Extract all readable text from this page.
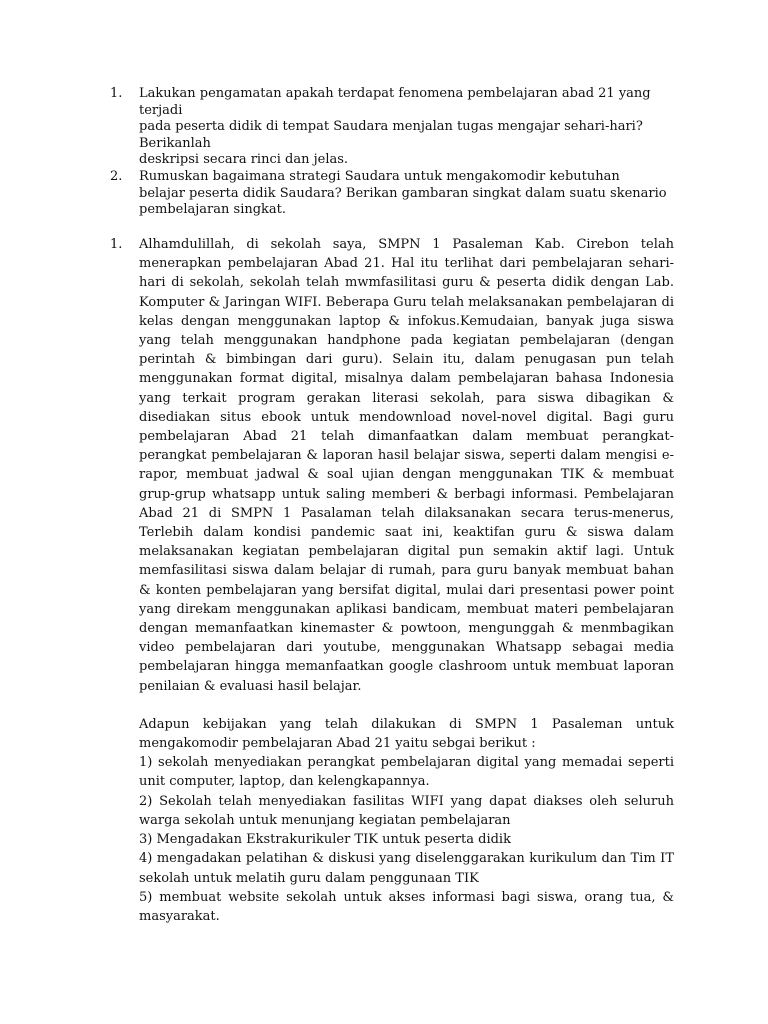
1.	Lakukan pengamatan apakah terdapat fenomena pembelajaran abad 21 yang terjadi
pada peserta didik di tempat Saudara menjalan tugas mengajar sehari-hari? Berikanlah
deskripsi secara rinci dan jelas.
2.	Rumuskan bagaimana strategi Saudara untuk mengakomodir kebutuhan
belajar peserta didik Saudara? Berikan gambaran singkat dalam suatu skenario
pembelajaran singkat.
1.	Alhamdulillah, di sekolah saya, SMPN 1 Pasaleman Kab. Cirebon telah menerapkan pembelajaran Abad 21. Hal itu terlihat dari pembelajaran sehari-hari di sekolah, sekolah telah mwmfasilitasi guru & peserta didik dengan Lab. Komputer & Jaringan WIFI. Beberapa Guru telah melaksanakan pembelajaran di kelas dengan menggunakan laptop & infokus.Kemudaian, banyak juga siswa yang telah menggunakan handphone pada kegiatan pembelajaran (dengan perintah & bimbingan dari guru). Selain itu, dalam penugasan pun telah menggunakan format digital, misalnya dalam pembelajaran bahasa Indonesia yang terkait program gerakan literasi sekolah, para siswa dibagikan & disediakan situs ebook untuk mendownload novel-novel digital. Bagi guru pembelajaran Abad 21 telah dimanfaatkan dalam membuat perangkat-perangkat pembelajaran & laporan hasil belajar siswa, seperti dalam mengisi e-rapor, membuat jadwal & soal ujian dengan menggunakan TIK & membuat grup-grup whatsapp untuk saling memberi & berbagi informasi. Pembelajaran Abad 21 di SMPN 1 Pasalaman telah dilaksanakan secara terus-menerus, Terlebih dalam kondisi pandemic saat ini, keaktifan guru & siswa dalam melaksanakan kegiatan pembelajaran digital pun semakin aktif lagi. Untuk memfasilitasi siswa dalam belajar di rumah, para guru banyak membuat bahan & konten pembelajaran yang bersifat digital, mulai dari presentasi power point yang direkam menggunakan aplikasi bandicam, membuat materi pembelajaran dengan memanfaatkan kinemaster & powtoon, mengunggah & menmbagikan video pembelajaran dari youtube, menggunakan Whatsapp sebagai media pembelajaran hingga memanfaatkan google clashroom untuk membuat laporan penilaian & evaluasi hasil belajar.

Adapun kebijakan yang telah dilakukan di SMPN 1 Pasaleman untuk mengakomodir pembelajaran Abad 21 yaitu sebgai berikut :

1) sekolah menyediakan perangkat pembelajaran digital yang memadai seperti unit computer, laptop, dan kelengkapannya.

2) Sekolah telah menyediakan fasilitas WIFI yang dapat diakses oleh seluruh warga sekolah untuk menunjang kegiatan pembelajaran

3) Mengadakan Ekstrakurikuler TIK untuk peserta didik

4) mengadakan pelatihan & diskusi yang diselenggarakan kurikulum dan Tim IT sekolah untuk melatih guru dalam penggunaan TIK

5) membuat website sekolah untuk akses informasi bagi siswa, orang tua, & masyarakat.
